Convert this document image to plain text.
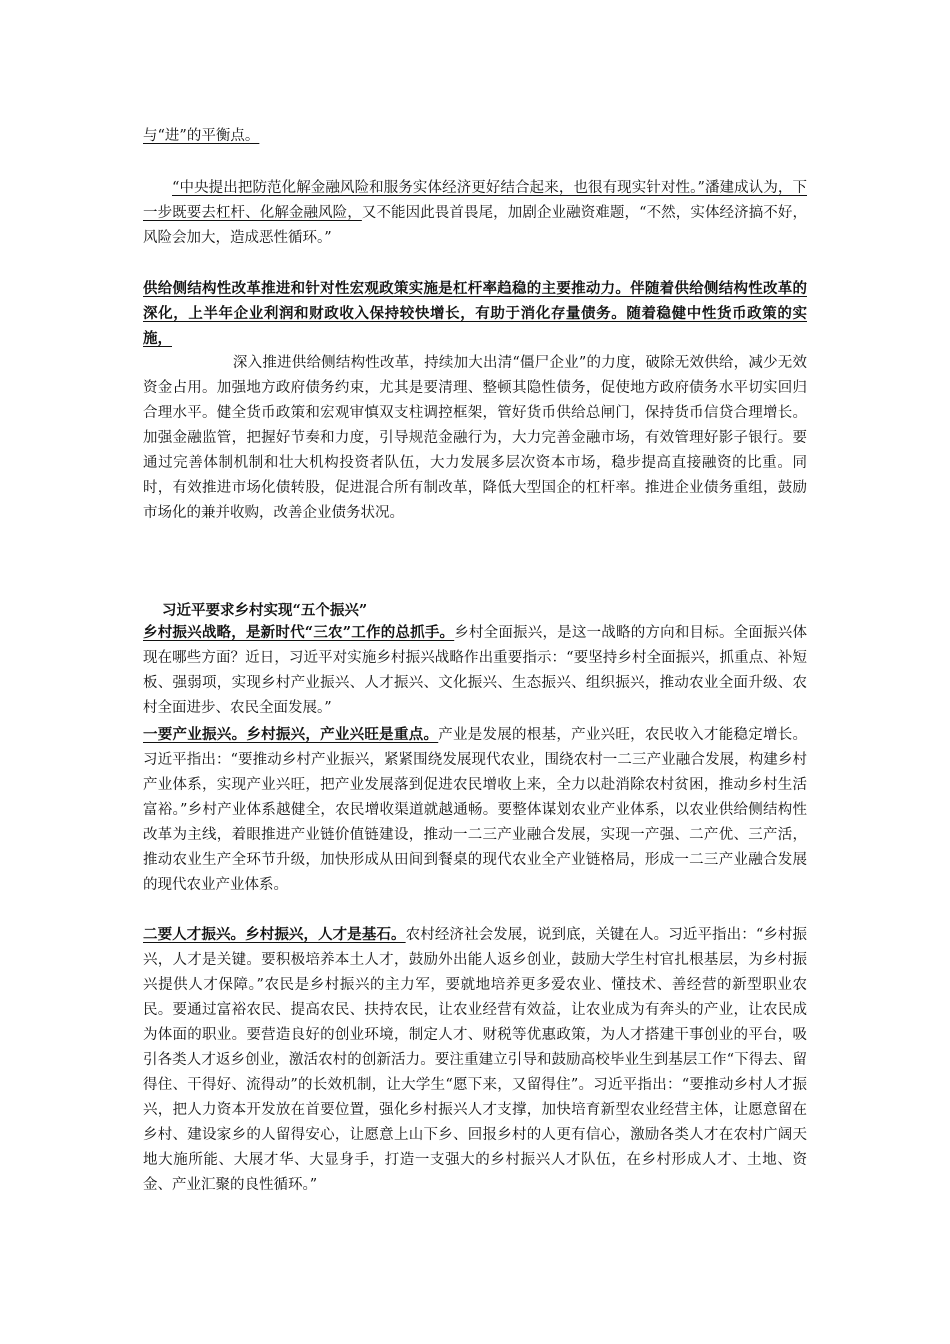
与“进”的平衡点。

“中央提出把防范化解金融风险和服务实体经济更好结合起来，也很有现实针对性。”潘建成认为，下一步既要去杠杆、化解金融风险，又不能因此畏首畏尾，加剧企业融资难题，“不然，实体经济搞不好，风险会加大，造成恶性循环。”

供给侧结构性改革推进和针对性宏观政策实施是杠杆率趋稳的主要推动力。伴随着供给侧结构性改革的深化，上半年企业利润和财政收入保持较快增长，有助于消化存量债务。随着稳健中性货币政策的实施，

深入推进供给侧结构性改革，持续加大出清“僵尸企业”的力度，破除无效供给，减少无效资金占用。加强地方政府债务约束，尤其是要清理、整顿其隐性债务，促使地方政府债务水平切实回归合理水平。健全货币政策和宏观审慎双支柱调控框架，管好货币供给总闸门，保持货币信贷合理增长。加强金融监管，把握好节奏和力度，引导规范金融行为，大力完善金融市场，有效管理好影子银行。要通过完善体制机制和壮大机构投资者队伍，大力发展多层次资本市场，稳步提高直接融资的比重。同时，有效推进市场化债转股，促进混合所有制改革，降低大型国企的杠杆率。推进企业债务重组，鼓励市场化的兼并收购，改善企业债务状况。

习近平要求乡村实现“五个振兴”

乡村振兴战略，是新时代“三农”工作的总抓手。乡村全面振兴，是这一战略的方向和目标。全面振兴体现在哪些方面？近日，习近平对实施乡村振兴战略作出重要指示：“要坚持乡村全面振兴，抓重点、补短板、强弱项，实现乡村产业振兴、人才振兴、文化振兴、生态振兴、组织振兴，推动农业全面升级、农村全面进步、农民全面发展。”

一要产业振兴。乡村振兴，产业兴旺是重点。产业是发展的根基，产业兴旺，农民收入才能稳定增长。习近平指出：“要推动乡村产业振兴，紧紧围绕发展现代农业，围绕农村一二三产业融合发展，构建乡村产业体系，实现产业兴旺，把产业发展落到促进农民增收上来，全力以赴消除农村贫困，推动乡村生活富裕。”乡村产业体系越健全，农民增收渠道就越通畅。要整体谋划农业产业体系，以农业供给侧结构性改革为主线，着眼推进产业链价值链建设，推动一二三产业融合发展，实现一产强、二产优、三产活，推动农业生产全环节升级，加快形成从田间到餐桌的现代农业全产业链格局，形成一二三产业融合发展的现代农业产业体系。

二要人才振兴。乡村振兴，人才是基石。农村经济社会发展，说到底，关键在人。习近平指出：“乡村振兴，人才是关键。要积极培养本土人才，鼓励外出能人返乡创业，鼓励大学生村官扎根基层，为乡村振兴提供人才保障。”农民是乡村振兴的主力军，要就地培养更多爱农业、懂技术、善经营的新型职业农民。要通过富裕农民、提高农民、扶持农民，让农业经营有效益，让农业成为有奔头的产业，让农民成为体面的职业。要营造良好的创业环境，制定人才、财税等优惠政策，为人才搭建干事创业的平台，吸引各类人才返乡创业，激活农村的创新活力。要注重建立引导和鼓励高校毕业生到基层工作“下得去、留得住、干得好、流得动”的长效机制，让大学生“愿下来，又留得住”。习近平指出：“要推动乡村人才振兴，把人力资本开发放在首要位置，强化乡村振兴人才支撑，加快培育新型农业经营主体，让愿意留在乡村、建设家乡的人留得安心，让愿意上山下乡、回报乡村的人更有信心，激励各类人才在农村广阔天地大施所能、大展才华、大显身手，打造一支强大的乡村振兴人才队伍，在乡村形成人才、土地、资金、产业汇聚的良性循环。”
